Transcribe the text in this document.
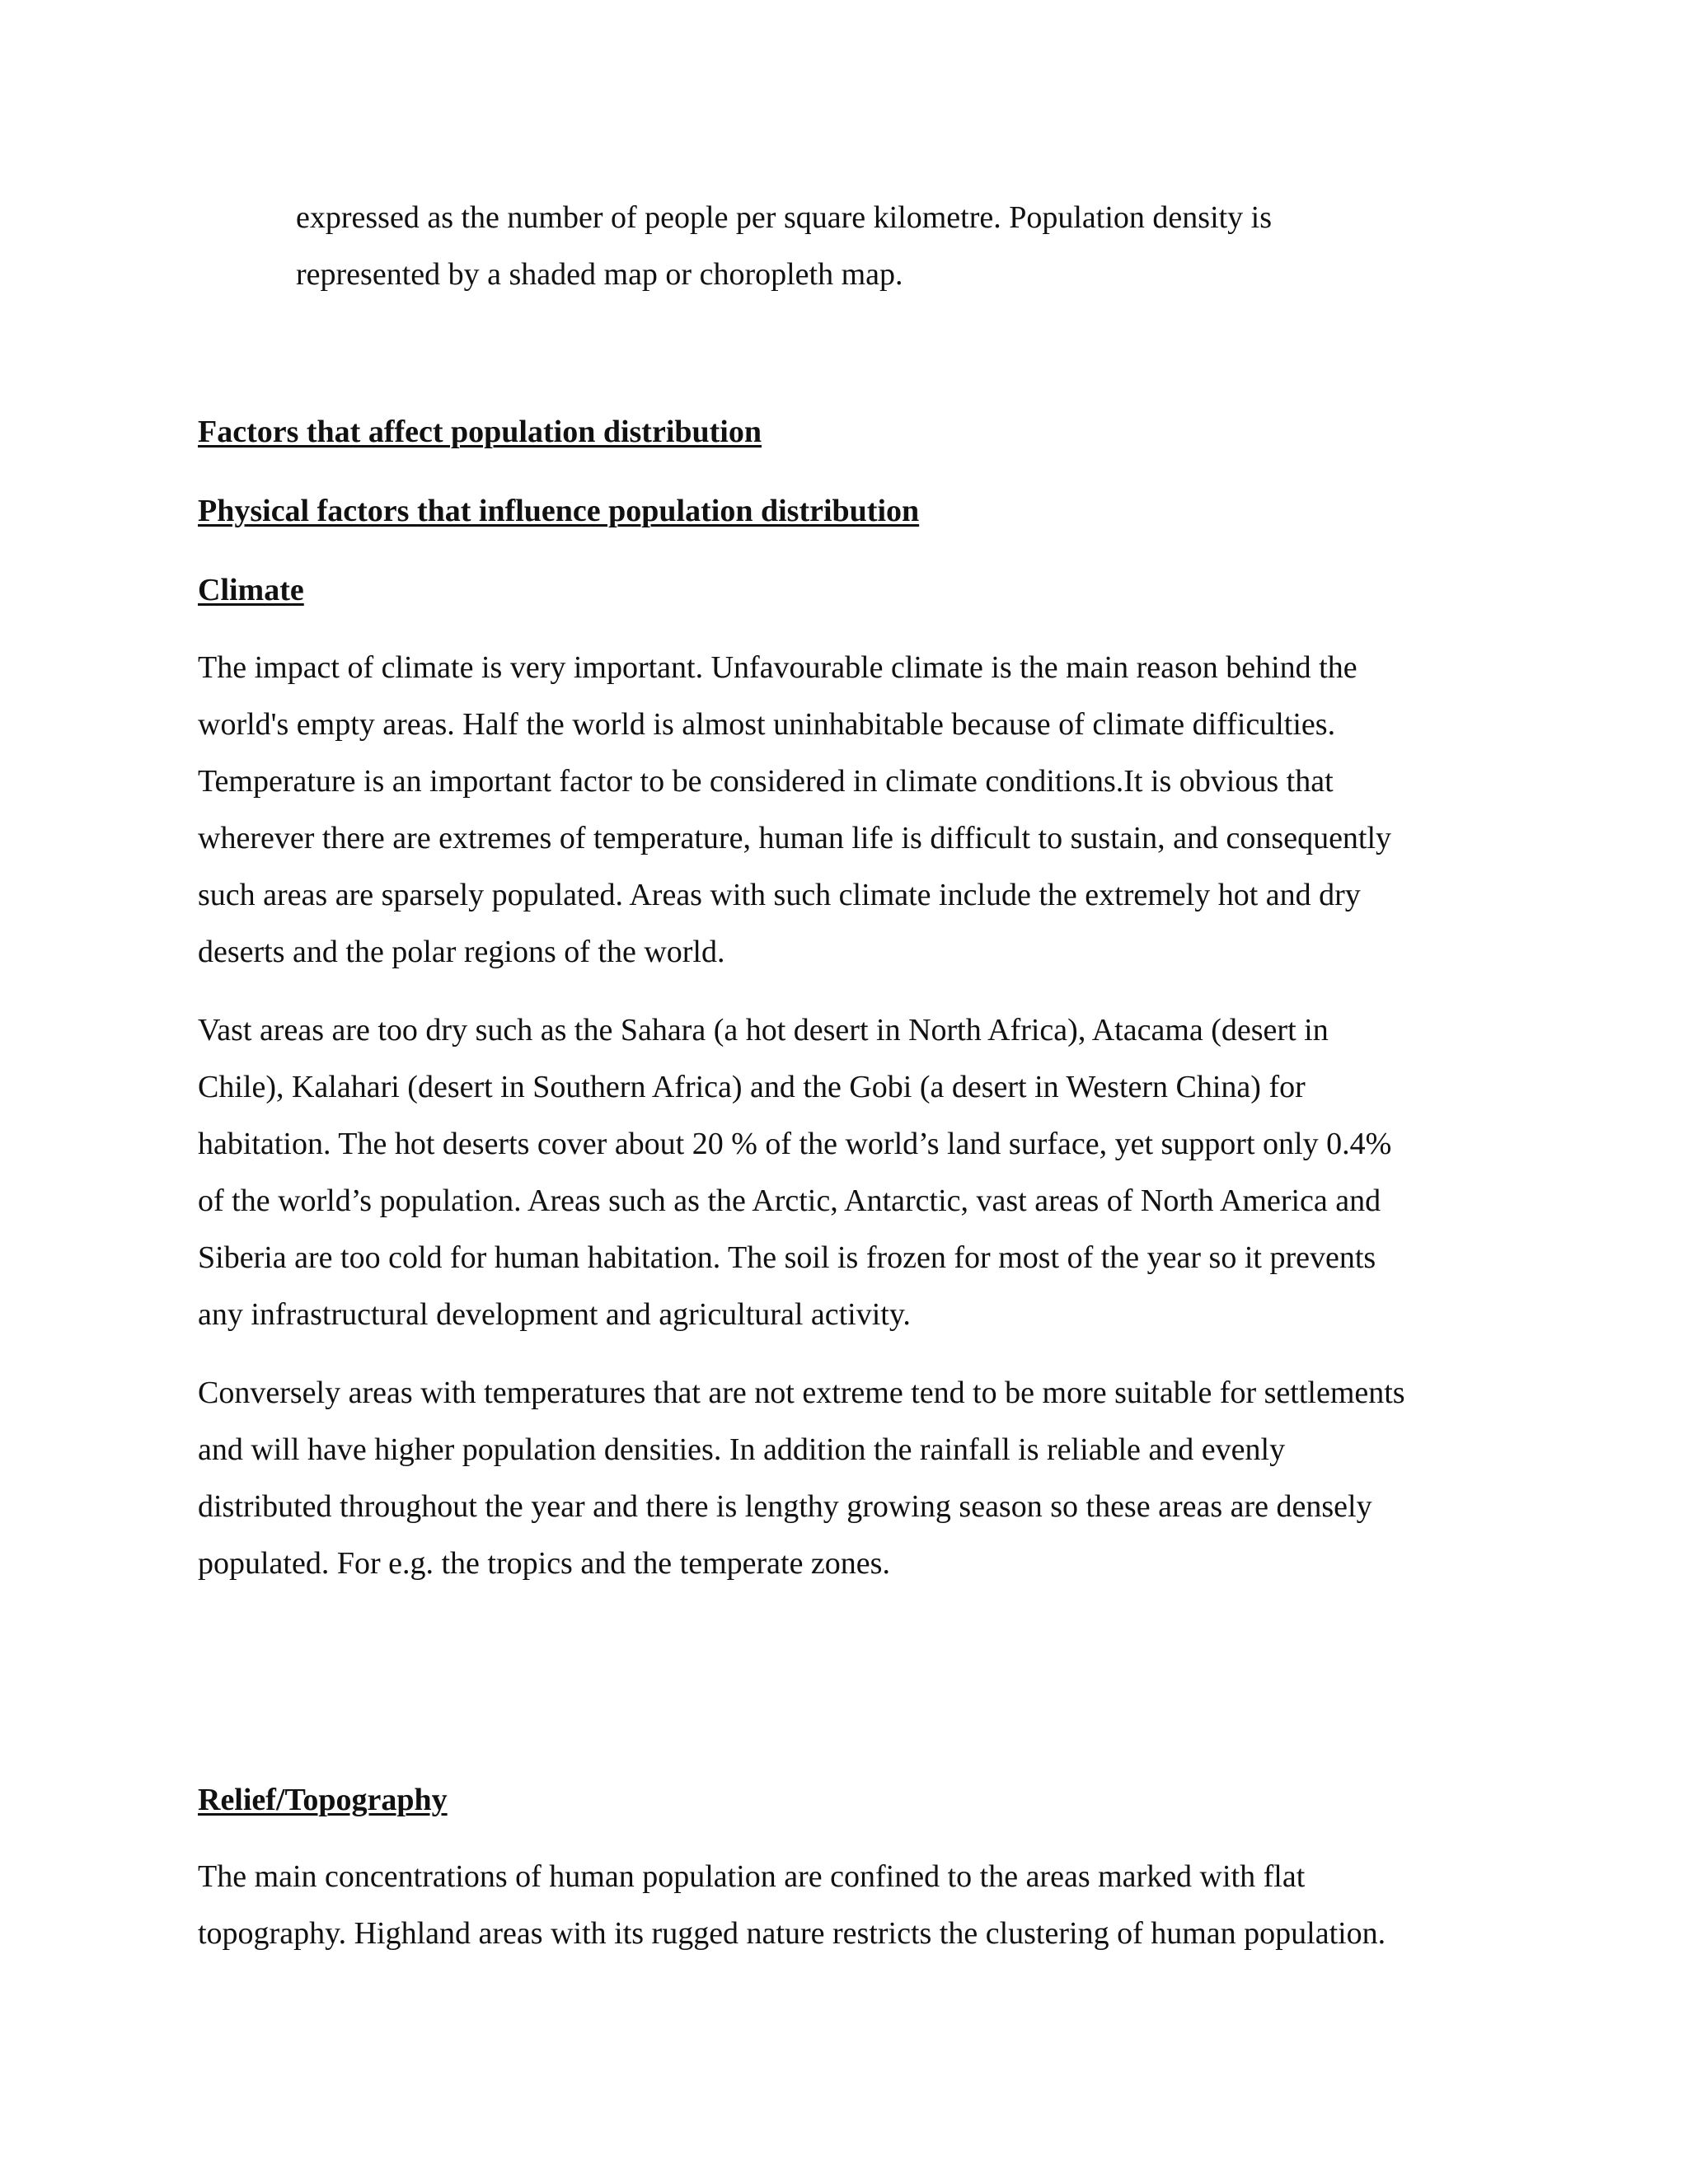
expressed as the number of people per square kilometre. Population density is
represented by a shaded map or choropleth map.

Factors that affect population distribution
Physical factors that influence population distribution
Climate

The impact of climate is very important. Unfavourable climate is the main reason behind the
world's empty areas. Half the world is almost uninhabitable because of climate difficulties.
Temperature is an important factor to be considered in climate conditions.It is obvious that
wherever there are extremes of temperature, human life is difficult to sustain, and consequently
such areas are sparsely populated. Areas with such climate include the extremely hot and dry
deserts and the polar regions of the world.

Vast areas are too dry such as the Sahara (a hot desert in North Africa), Atacama (desert in
Chile), Kalahari (desert in Southern Africa) and the Gobi (a desert in Western China) for
habitation. The hot deserts cover about 20 % of the world’s land surface, yet support only 0.4%
of the world’s population. Areas such as the Arctic, Antarctic, vast areas of North America and
Siberia are too cold for human habitation. The soil is frozen for most of the year so it prevents
any infrastructural development and agricultural activity.

Conversely areas with temperatures that are not extreme tend to be more suitable for settlements
and will have higher population densities. In addition the rainfall is reliable and evenly
distributed throughout the year and there is lengthy growing season so these areas are densely
populated. For e.g. the tropics and the temperate zones.

Relief/Topography

The main concentrations of human population are confined to the areas marked with flat
topography. Highland areas with its rugged nature restricts the clustering of human population.
